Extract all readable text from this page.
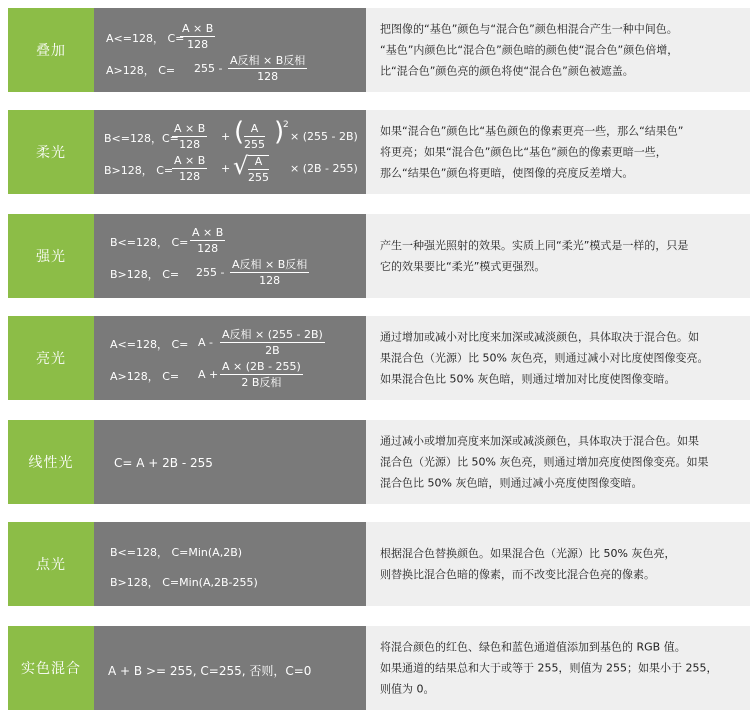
叠加
A<=128， C=
$\frac{A \times B}{128}$
A>128， C= 255 -
A反相 × B反相
128
把图像的“基色”颜色与“混合色”颜色相混合产生一种中间色。
“基色”内颜色比“混合色”颜色暗的颜色使“混合色”颜色倍增，
比“混合色”颜色亮的颜色将使“混合色”颜色被遮盖。
柔光
B<=128，C=
$\frac{A \times B}{128}$ + ( $\frac{A}{255}$ )
2
× (255 - 2B)
B>128， C=
$\frac{A \times B}{128}$ + √ $\frac{A}{255} \times (2B - 255)$
如果“混合色”颜色比“基色颜色的像素更亮一些，那么“结果色”
将更亮；如果“混合色”颜色比“基色”颜色的像素更暗一些，
那么“结果色”颜色将更暗，使图像的亮度反差增大。
强光
B<=128， $C= \frac{A \times B}{128}$
B>128， C= 255 -
A反相 × B反相
128
产生一种强光照射的效果。实质上同“柔光”模式是一样的，只是
它的效果要比“柔光”模式更强烈。
亮光
A<=128， C= A -
A反相 × (255 - 2B)
2B
A>128， C= A +
A × (2B - 255)
2 B反相
通过增加或减小对比度来加深或减淡颜色，具体取决于混合色。如
果混合色（光源）比 50% 灰色亮，则通过减小对比度使图像变亮。
如果混合色比 50% 灰色暗，则通过增加对比度使图像变暗。
线性光	C= A + 2B - 255
通过减小或增加亮度来加深或减淡颜色，具体取决于混合色。如果
混合色（光源）比 50% 灰色亮，则通过增加亮度使图像变亮。如果
混合色比 50% 灰色暗，则通过减小亮度使图像变暗。
点光
B<=128， C=Min(A,2B)
B>128， C=Min(A,2B-255)
根据混合色替换颜色。如果混合色（光源）比 50% 灰色亮，
则替换比混合色暗的像素，而不改变比混合色亮的像素。
实色混合	A + B >= 255, C=255, 否则，C=0
将混合颜色的红色、绿色和蓝色通道值添加到基色的 RGB 值。
如果通道的结果总和大于或等于 255，则值为 255；如果小于 255，
则值为 0。
